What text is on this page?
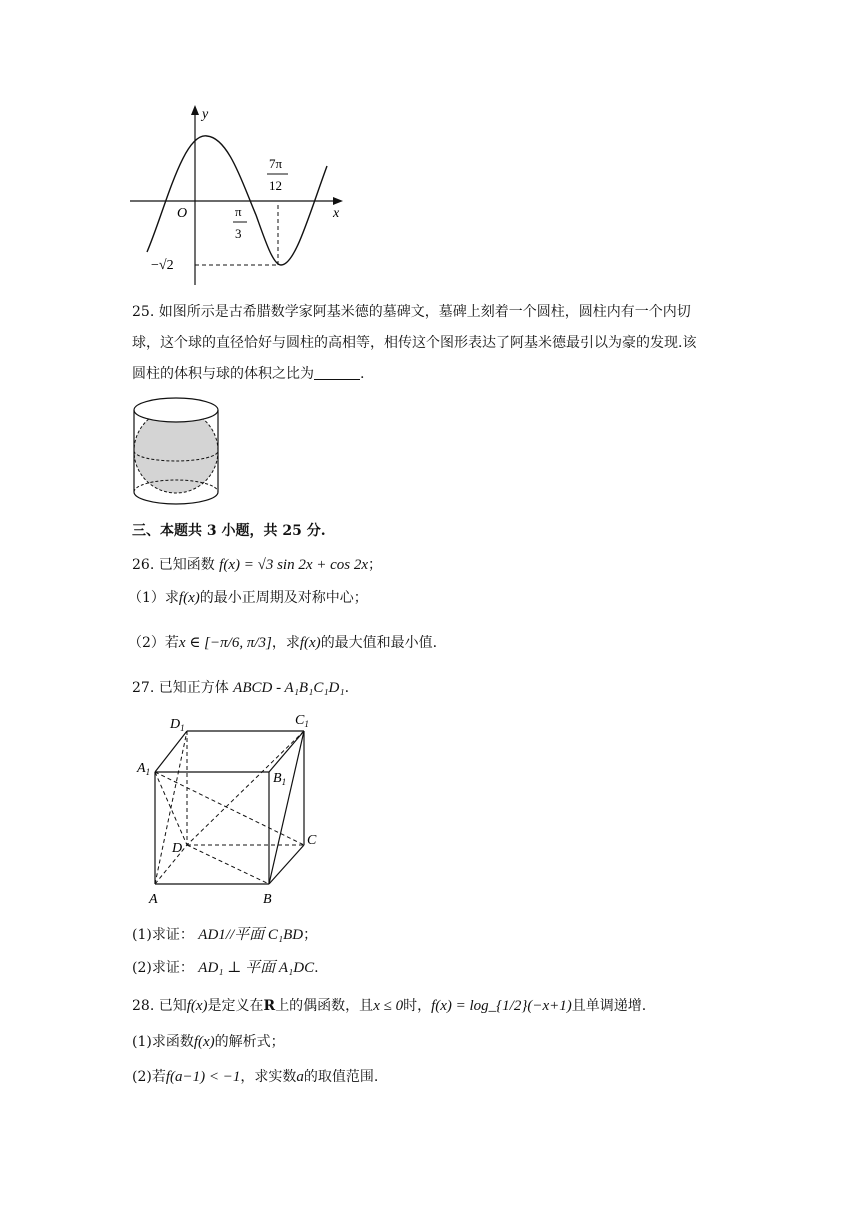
y
x
O
7π
12
π
3
−√2
25. 如图所示是古希腊数学家阿基米德的墓碑文，墓碑上刻着一个圆柱，圆柱内有一个内切
球，这个球的直径恰好与圆柱的高相等，相传这个图形表达了阿基米德最引以为豪的发现.该
圆柱的体积与球的体积之比为	.
三、本题共 3 小题，共 25 分.
26. 已知函数 f(x) = √3 sin 2x + cos 2x；
（1）求f(x)的最小正周期及对称中心；
（2）若x ∈ [−π/6, π/3]，求f(x)的最大值和最小值.
27. 已知正方体 ABCD - A₁B₁C₁D₁.
$D_1$	$C_1$
$A_1$	$B_1$
D
C
A	B
(1)求证： AD1//平面 C₁BD；
(2)求证： AD₁ ⊥ 平面 A₁DC.
28. 已知f(x)是定义在R上的偶函数，且x ≤ 0时，f(x) = log_{1/2}(−x+1)且单调递增.
(1)求函数f(x)的解析式；
(2)若f(a−1) < −1，求实数a的取值范围.
